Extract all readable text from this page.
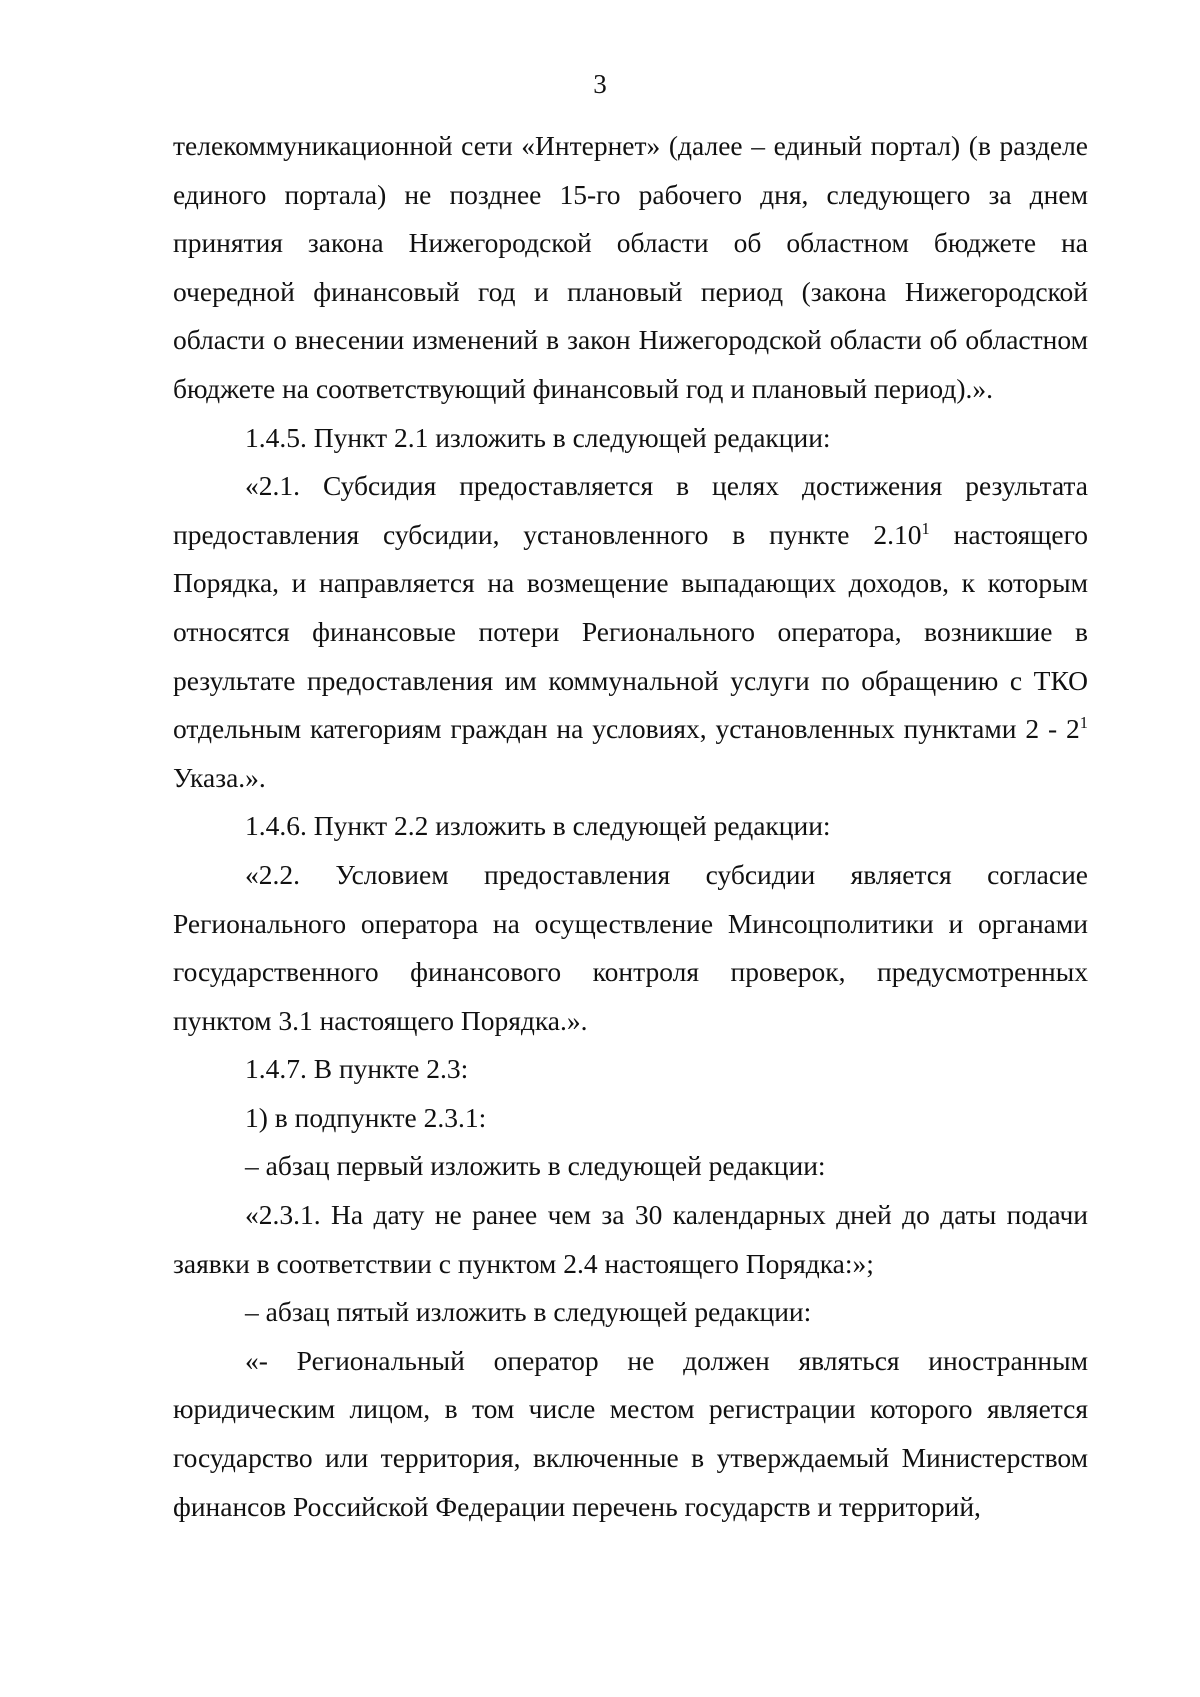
3

телекоммуникационной сети «Интернет» (далее – единый портал) (в разделе единого портала) не позднее 15-го рабочего дня, следующего за днем принятия закона Нижегородской области об областном бюджете на очередной финансовый год и плановый период (закона Нижегородской области о внесении изменений в закон Нижегородской области об областном бюджете на соответствующий финансовый год и плановый период).».

1.4.5. Пункт 2.1 изложить в следующей редакции:

«2.1. Субсидия предоставляется в целях достижения результата предоставления субсидии, установленного в пункте 2.10$^1$ настоящего Порядка, и направляется на возмещение выпадающих доходов, к которым относятся финансовые потери Регионального оператора, возникшие в результате предоставления им коммунальной услуги по обращению с ТКО отдельным категориям граждан на условиях, установленных пунктами $2 - 2^1$ Указа.».

1.4.6. Пункт 2.2 изложить в следующей редакции:

«2.2. Условием предоставления субсидии является согласие Регионального оператора на осуществление Минсоцполитики и органами государственного финансового контроля проверок, предусмотренных пунктом 3.1 настоящего Порядка.».

1.4.7. В пункте 2.3:

1) в подпункте 2.3.1:

– абзац первый изложить в следующей редакции:

«2.3.1. На дату не ранее чем за 30 календарных дней до даты подачи заявки в соответствии с пунктом 2.4 настоящего Порядка:»;

– абзац пятый изложить в следующей редакции:

«- Региональный оператор не должен являться иностранным юридическим лицом, в том числе местом регистрации которого является государство или территория, включенные в утверждаемый Министерством финансов Российской Федерации перечень государств и территорий,
